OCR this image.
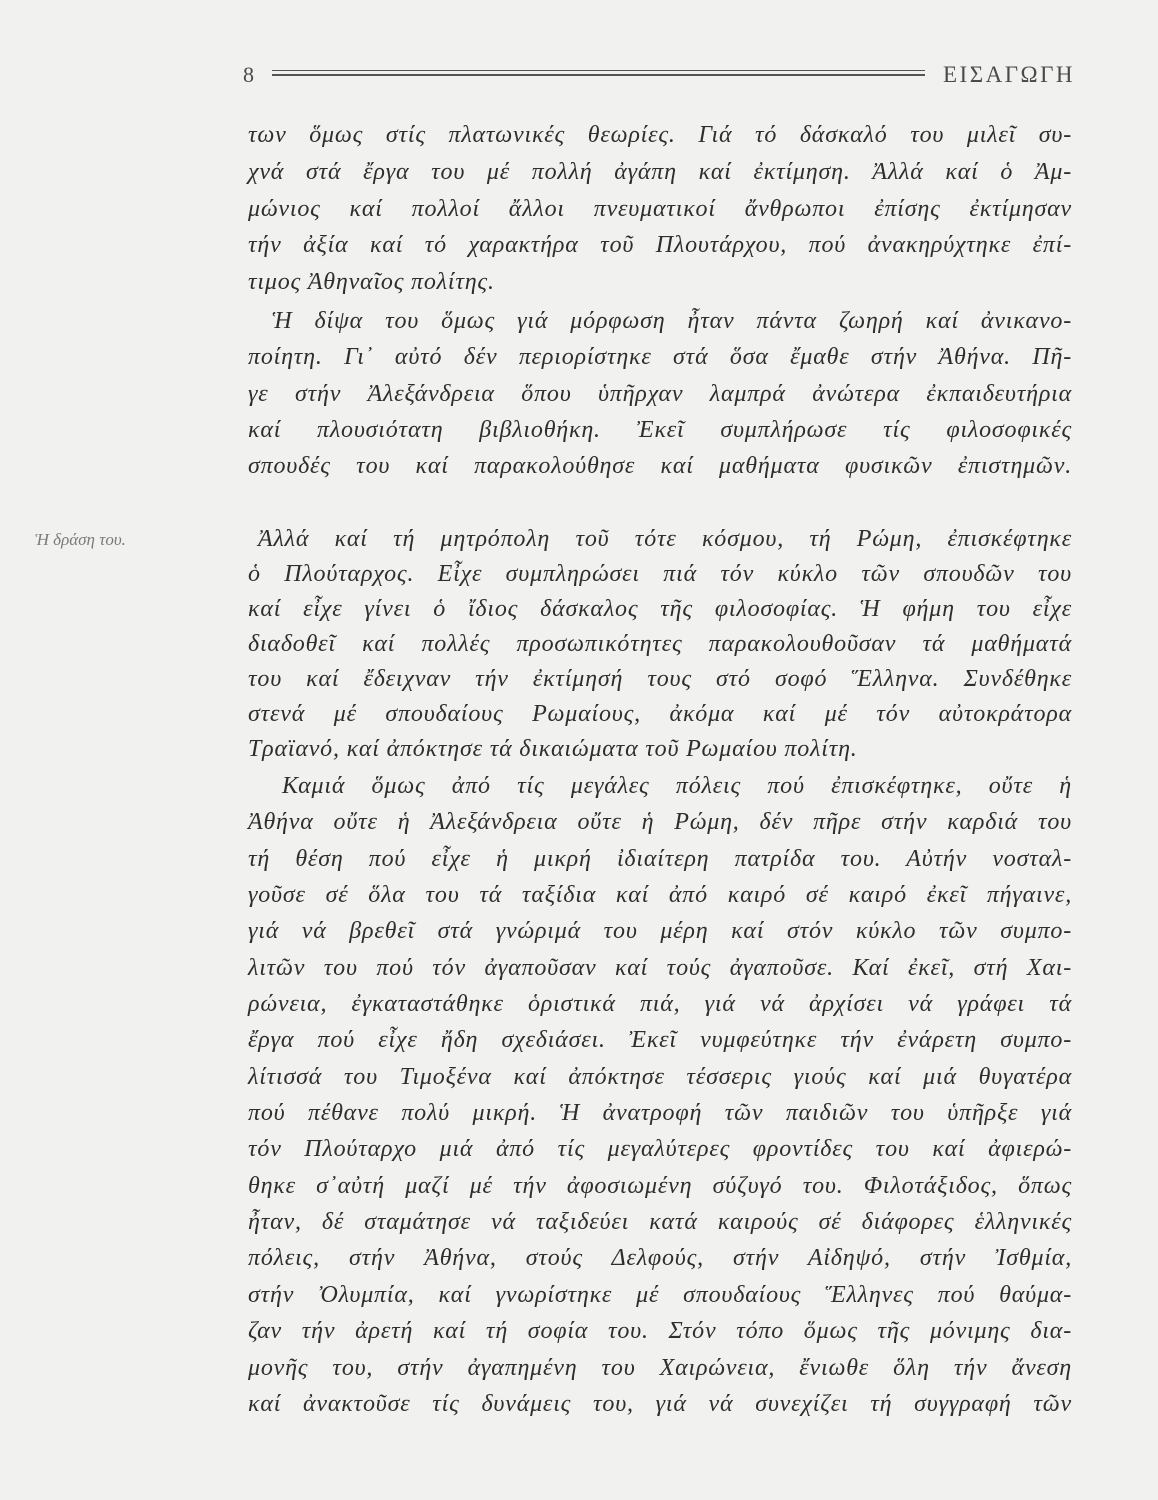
8	ΕΙΣΑΓΩΓΗ
Ἡ δράση του.
των ὅμως στίς πλατωνικές θεωρίες. Γιά τό δάσκαλό του μιλεῖ συ-
χνά στά ἔργα του μέ πολλή ἀγάπη καί ἐκτίμηση. Ἀλλά καί ὁ Ἀμ-
μώνιος καί πολλοί ἄλλοι πνευματικοί ἄνθρωποι ἐπίσης ἐκτίμησαν
τήν ἀξία καί τό χαρακτήρα τοῦ Πλουτάρχου, πού ἀνακηρύχτηκε ἐπί-
τιμος Ἀθηναῖος πολίτης.
Ἡ δίψα του ὅμως γιά μόρφωση ἦταν πάντα ζωηρή καί ἀνικανο-
ποίητη. Γι᾿ αὐτό δέν περιορίστηκε στά ὅσα ἔμαθε στήν Ἀθήνα. Πῆ-
γε στήν Ἀλεξάνδρεια ὅπου ὑπῆρχαν λαμπρά ἀνώτερα ἐκπαιδευτήρια
καί πλουσιότατη βιβλιοθήκη. Ἐκεῖ συμπλήρωσε τίς φιλοσοφικές
σπουδές του καί παρακολούθησε καί μαθήματα φυσικῶν ἐπιστημῶν.
Ἀλλά καί τή μητρόπολη τοῦ τότε κόσμου, τή Ρώμη, ἐπισκέφτηκε
ὁ Πλούταρχος. Εἶχε συμπληρώσει πιά τόν κύκλο τῶν σπουδῶν του
καί εἶχε γίνει ὁ ἴδιος δάσκαλος τῆς φιλοσοφίας. Ἡ φήμη του εἶχε
διαδοθεῖ καί πολλές προσωπικότητες παρακολουθοῦσαν τά μαθήματά
του καί ἔδειχναν τήν ἐκτίμησή τους στό σοφό Ἕλληνα. Συνδέθηκε
στενά μέ σπουδαίους Ρωμαίους, ἀκόμα καί μέ τόν αὐτοκράτορα
Τραϊανό, καί ἀπόκτησε τά δικαιώματα τοῦ Ρωμαίου πολίτη.
Καμιά ὅμως ἀπό τίς μεγάλες πόλεις πού ἐπισκέφτηκε, οὔτε ἡ
Ἀθήνα οὔτε ἡ Ἀλεξάνδρεια οὔτε ἡ Ρώμη, δέν πῆρε στήν καρδιά του
τή θέση πού εἶχε ἡ μικρή ἰδιαίτερη πατρίδα του. Αὐτήν νοσταλ-
γοῦσε σέ ὅλα του τά ταξίδια καί ἀπό καιρό σέ καιρό ἐκεῖ πήγαινε,
γιά νά βρεθεῖ στά γνώριμά του μέρη καί στόν κύκλο τῶν συμπο-
λιτῶν του πού τόν ἀγαποῦσαν καί τούς ἀγαποῦσε. Καί ἐκεῖ, στή Χαι-
ρώνεια, ἐγκαταστάθηκε ὁριστικά πιά, γιά νά ἀρχίσει νά γράφει τά
ἔργα πού εἶχε ἤδη σχεδιάσει. Ἐκεῖ νυμφεύτηκε τήν ἐνάρετη συμπο-
λίτισσά του Τιμοξένα καί ἀπόκτησε τέσσερις γιούς καί μιά θυγατέρα
πού πέθανε πολύ μικρή. Ἡ ἀνατροφή τῶν παιδιῶν του ὑπῆρξε γιά
τόν Πλούταρχο μιά ἀπό τίς μεγαλύτερες φροντίδες του καί ἀφιερώ-
θηκε σ᾿αὐτή μαζί μέ τήν ἀφοσιωμένη σύζυγό του. Φιλοτάξιδος, ὅπως
ἦταν, δέ σταμάτησε νά ταξιδεύει κατά καιρούς σέ διάφορες ἑλληνικές
πόλεις, στήν Ἀθήνα, στούς Δελφούς, στήν Αἰδηψό, στήν Ἰσθμία,
στήν Ὀλυμπία, καί γνωρίστηκε μέ σπουδαίους Ἕλληνες πού θαύμα-
ζαν τήν ἀρετή καί τή σοφία του. Στόν τόπο ὅμως τῆς μόνιμης δια-
μονῆς του, στήν ἀγαπημένη του Χαιρώνεια, ἔνιωθε ὅλη τήν ἄνεση
καί ἀνακτοῦσε τίς δυνάμεις του, γιά νά συνεχίζει τή συγγραφή τῶν
